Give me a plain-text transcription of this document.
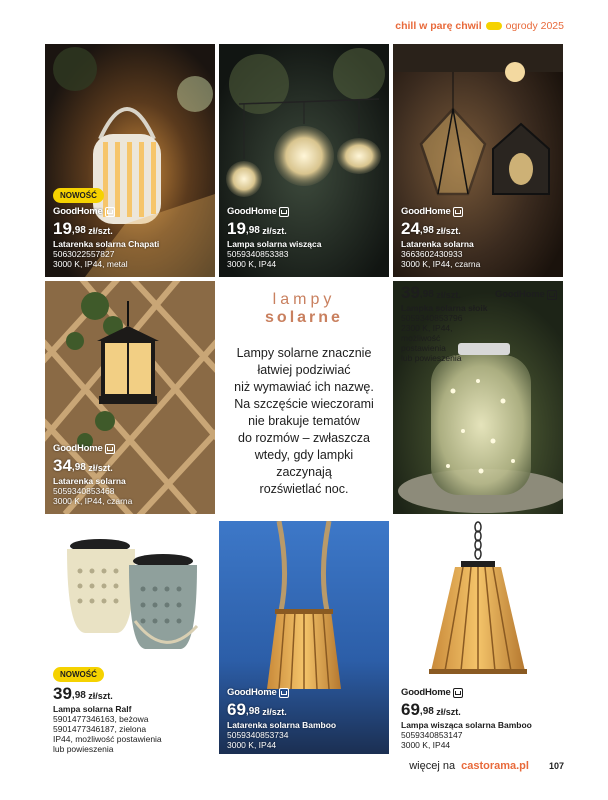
chill w parę chwil ogrody 2025
NOWOŚĆ
GoodHome
19,98 zł/szt.
Latarenka solarna Chapati
5063022557827
3000 K, IP44, metal
GoodHome
19,98 zł/szt.
Lampa solarna wisząca
5059340853383
3000 K, IP44
GoodHome
24,98 zł/szt.
Latarenka solarna
3663602430933
3000 K, IP44, czarna
GoodHome
34,98 zł/szt.
Latarenka solarna
5059340853468
3000 K, IP44, czarna
lampy
solarne
Lampy solarne znacznie
łatwiej podziwiać
niż wymawiać ich nazwę.
Na szczęście wieczorami
nie brakuje tematów
do rozmów – zwłaszcza
wtedy, gdy lampki
zaczynają
rozświetlać noc.
39,98 zł/szt.
Lampka solarna słoik
5059340853796
2300 K, IP44,
możliwość
postawienia
lub powieszenia
GoodHome
NOWOŚĆ
39,98 zł/szt.
Lampa solarna Ralf
5901477346163, beżowa
5901477346187, zielona
IP44, możliwość postawienia
lub powieszenia
GoodHome
69,98 zł/szt.
Latarenka solarna Bamboo
5059340853734
3000 K, IP44
GoodHome
69,98 zł/szt.
Lampa wisząca solarna Bamboo
5059340853147
3000 K, IP44
więcej na castorama.pl 107
